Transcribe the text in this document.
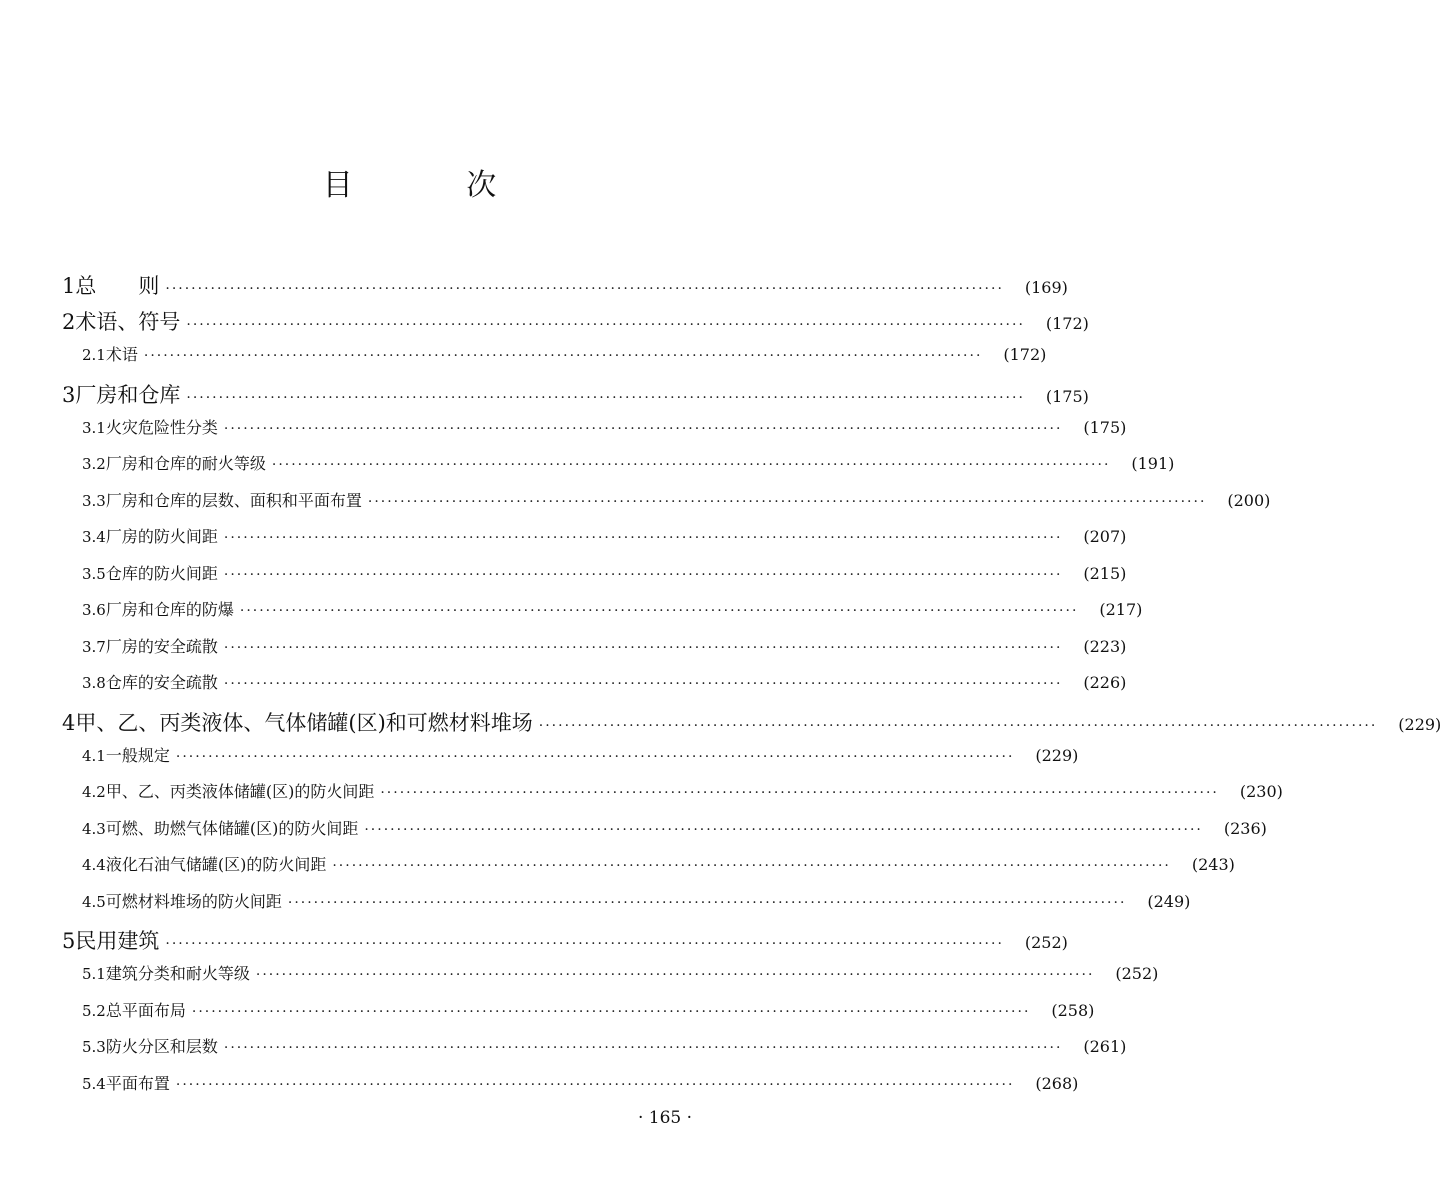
目 次
1 总　　则 ·····	(169)
2 术语、符号 ·····	(172)
2.1 术语 ·····	(172)
3 厂房和仓库 ·····	(175)
3.1 火灾危险性分类 ·····	(175)
3.2 厂房和仓库的耐火等级 ·····	(191)
3.3 厂房和仓库的层数、面积和平面布置 ·····	(200)
3.4 厂房的防火间距 ·····	(207)
3.5 仓库的防火间距 ·····	(215)
3.6 厂房和仓库的防爆 ·····	(217)
3.7 厂房的安全疏散 ·····	(223)
3.8 仓库的安全疏散 ·····	(226)
4 甲、乙、丙类液体、气体储罐(区)和可燃材料堆场 ·····	(229)
4.1 一般规定 ·····	(229)
4.2 甲、乙、丙类液体储罐(区)的防火间距 ·····	(230)
4.3 可燃、助燃气体储罐(区)的防火间距 ·····	(236)
4.4 液化石油气储罐(区)的防火间距 ·····	(243)
4.5 可燃材料堆场的防火间距 ·····	(249)
5 民用建筑 ·····	(252)
5.1 建筑分类和耐火等级 ·····	(252)
5.2 总平面布局 ·····	(258)
5.3 防火分区和层数 ·····	(261)
5.4 平面布置 ·····	(268)
· 165 ·
